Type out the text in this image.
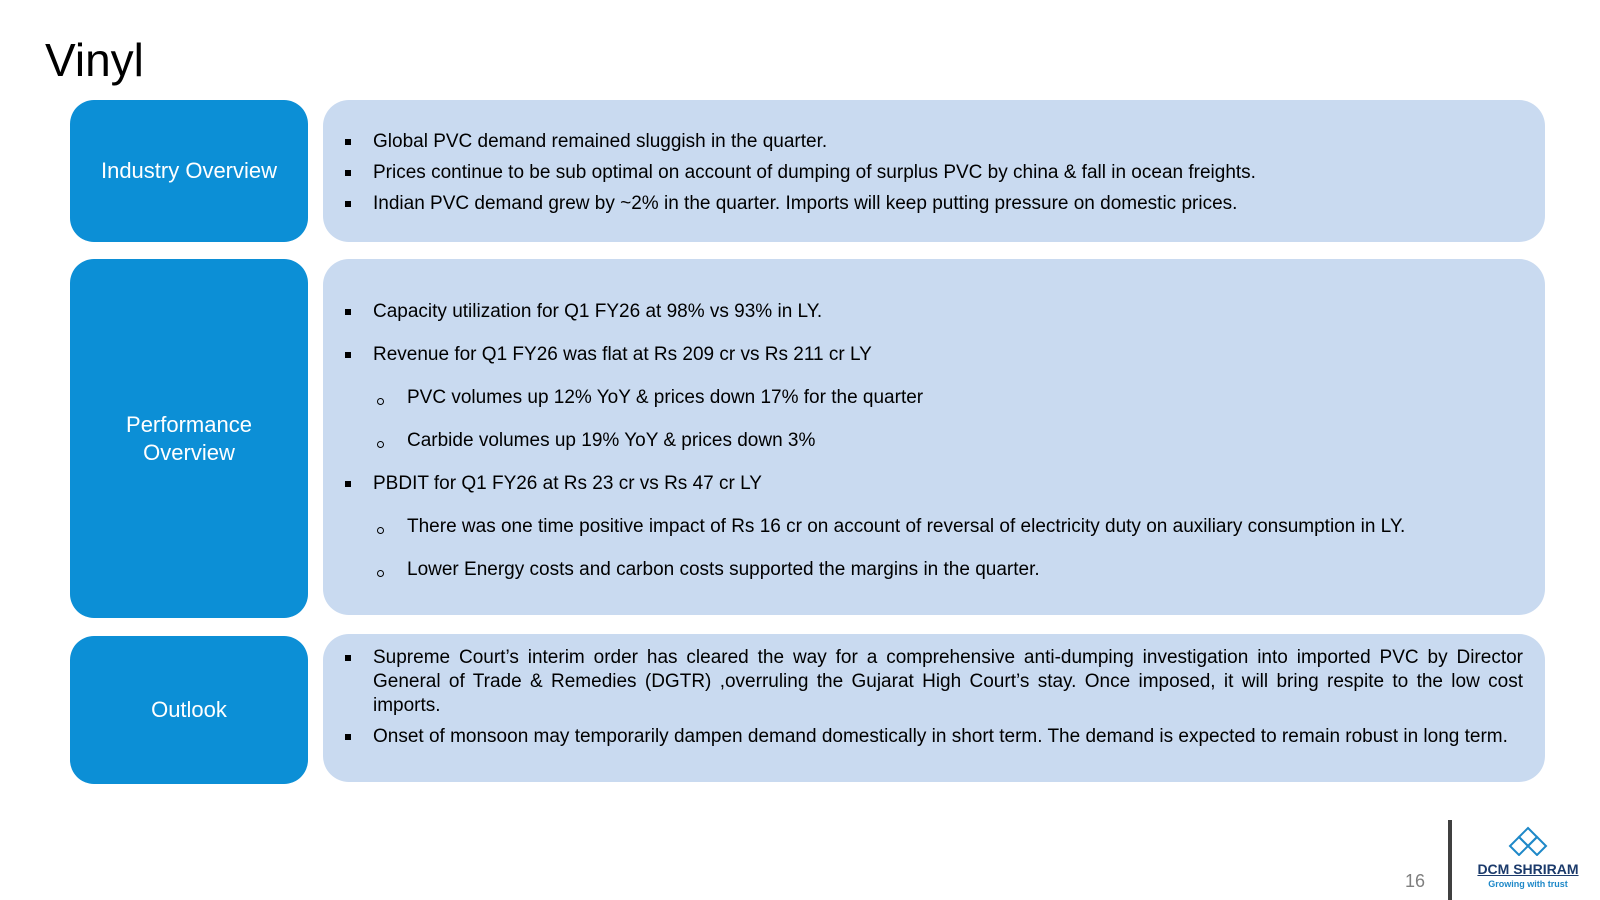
Vinyl
Industry Overview
Global PVC demand remained sluggish in the quarter.
Prices continue to be sub optimal on account of dumping of surplus PVC by china & fall in ocean freights.
Indian PVC demand grew by ~2% in the quarter. Imports will keep putting pressure on domestic prices.
Performance Overview
Capacity utilization for Q1 FY26 at 98% vs 93% in LY.
Revenue for Q1 FY26 was flat at Rs 209 cr vs Rs 211 cr LY
PVC volumes up 12% YoY & prices down 17% for the quarter
Carbide volumes up 19% YoY & prices down 3%
PBDIT for Q1 FY26 at Rs 23 cr vs Rs 47 cr LY
There was one time positive impact of Rs 16 cr on account of reversal of electricity duty on auxiliary consumption in LY.
Lower Energy costs and carbon costs supported the margins in the quarter.
Outlook
Supreme Court’s interim order has cleared the way for a comprehensive anti-dumping investigation into imported PVC by Director General of Trade & Remedies (DGTR) ,overruling the Gujarat High Court’s stay. Once imposed, it will bring respite to the low cost imports.
Onset of monsoon may temporarily dampen demand domestically in short term. The demand is expected to remain robust in long term.
16
DCM SHRIRAM
Growing with trust
